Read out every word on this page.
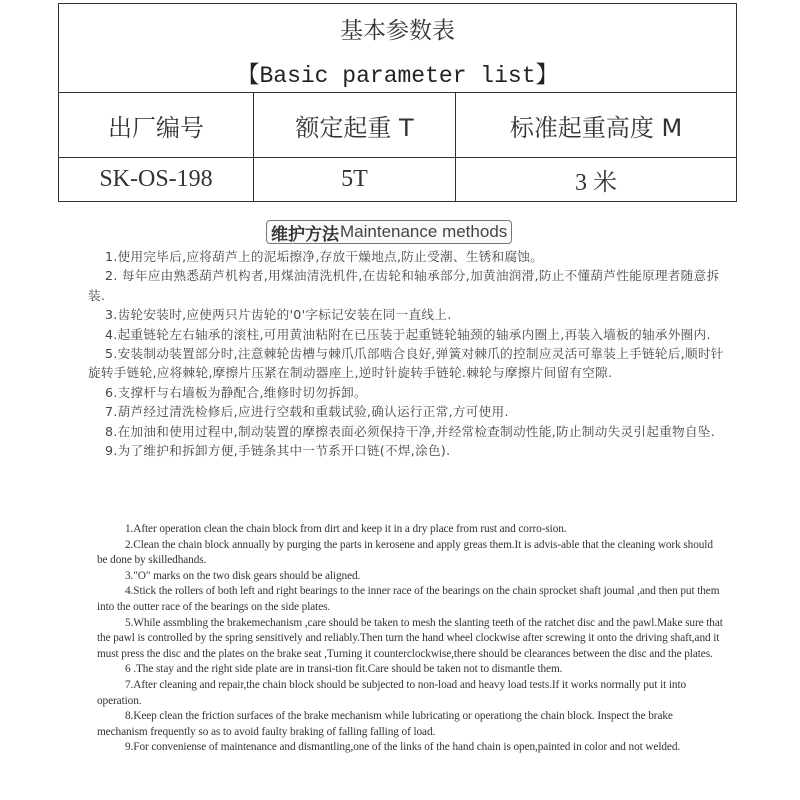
基本参数表
【Basic parameter list】
出厂编号	额定起重 T	标准起重高度 M
SK-OS-198	5T	3 米
维护方法 Maintenance methods

1.使用完毕后,应将葫芦上的泥垢擦净,存放干燥地点,防止受潮、生锈和腐蚀。

2. 每年应由熟悉葫芦机构者,用煤油清洗机件,在齿轮和轴承部分,加黄油润滑,防止不懂葫芦性能原理者随意拆装.

3.齿轮安装时,应使两只片齿轮的'0'字标记安装在同一直线上.

4.起重链轮左右轴承的滚柱,可用黄油粘附在已压装于起重链轮轴颈的轴承内圈上,再装入墙板的轴承外圈内.

5.安装制动装置部分时,注意棘轮齿槽与棘爪爪部啮合良好,弹簧对棘爪的控制应灵活可靠装上手链轮后,顺时针旋转手链轮,应将棘轮,摩擦片压紧在制动器座上,逆时针旋转手链轮.棘轮与摩擦片间留有空隙.

6.支撑杆与右墙板为静配合,维修时切勿拆卸。

7.葫芦经过清洗检修后,应进行空载和重载试验,确认运行正常,方可使用.

8.在加油和使用过程中,制动装置的摩擦表面必须保持干净,并经常检查制动性能,防止制动失灵引起重物自坠.

9.为了维护和拆卸方便,手链条其中一节系开口链(不焊,涂色).

1.After operation clean the chain block from dirt and keep it in a dry place from rust and corro-sion.

2.Clean the chain block annually by purging the parts in kerosene and apply greas them.It is advis-able that the cleaning work should be done by skilledhands.

3."O" marks on the two disk gears should be aligned.

4.Stick the rollers of both left and right bearings to the inner race of the bearings on the chain sprocket shaft joumal ,and then put them into the outter race of the bearings on the side plates.

5.While assmbling the brakemechanism ,care should be taken to mesh the slanting teeth of the ratchet disc and the pawl.Make sure that the pawl is controlled by the spring sensitively and reliably.Then turn the hand wheel clockwise after screwing it onto the driving shaft,and it must press the disc and the plates on the brake seat ,Turning it counterclockwise,there should be clearances between the disc and the plates.

6 .The stay and the right side plate are in transi-tion fit.Care should be taken not to dismantle them.

7.After cleaning and repair,the chain block should be subjected to non-load and heavy load tests.If it works normally put it into operation.

8.Keep clean the friction surfaces of the brake mechanism while lubricating or operationg the chain block. Inspect the brake mechanism frequently so as to avoid faulty braking of falling falling of load.

9.For conveniense of maintenance and dismantling,one of the links of the hand chain is open,painted in color and not welded.
